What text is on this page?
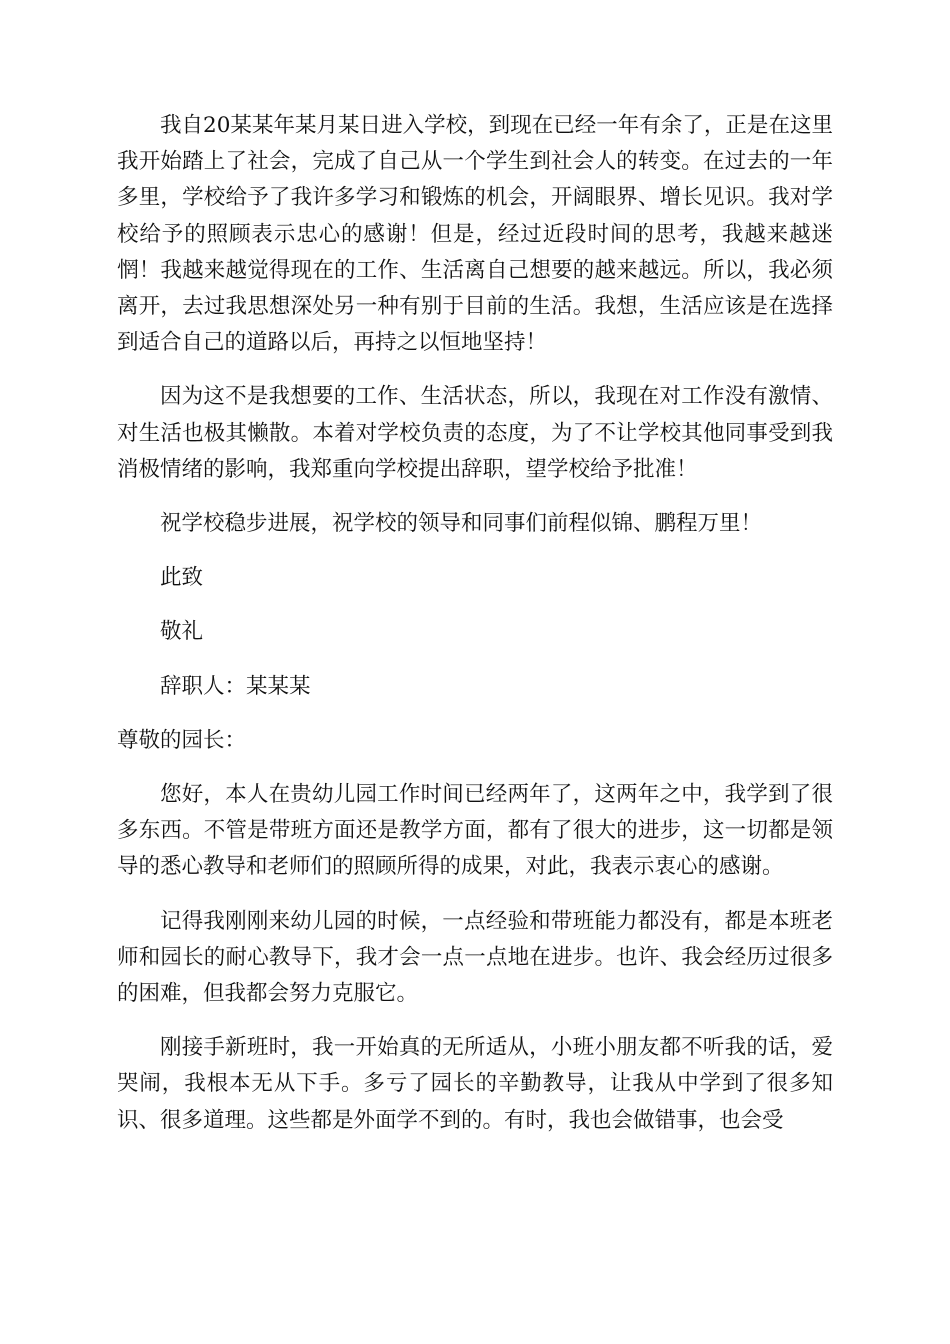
我自20某某年某月某日进入学校，到现在已经一年有余了，正是在这里我开始踏上了社会，完成了自己从一个学生到社会人的转变。在过去的一年多里，学校给予了我许多学习和锻炼的机会，开阔眼界、增长见识。我对学校给予的照顾表示忠心的感谢！但是，经过近段时间的思考，我越来越迷惘！我越来越觉得现在的工作、生活离自己想要的越来越远。所以，我必须离开，去过我思想深处另一种有别于目前的生活。我想，生活应该是在选择到适合自己的道路以后，再持之以恒地坚持！

因为这不是我想要的工作、生活状态，所以，我现在对工作没有激情、对生活也极其懒散。本着对学校负责的态度，为了不让学校其他同事受到我消极情绪的影响，我郑重向学校提出辞职，望学校给予批准！

祝学校稳步进展，祝学校的领导和同事们前程似锦、鹏程万里！

此致

敬礼

辞职人：某某某

尊敬的园长：

您好，本人在贵幼儿园工作时间已经两年了，这两年之中，我学到了很多东西。不管是带班方面还是教学方面，都有了很大的进步，这一切都是领导的悉心教导和老师们的照顾所得的成果，对此，我表示衷心的感谢。

记得我刚刚来幼儿园的时候，一点经验和带班能力都没有，都是本班老师和园长的耐心教导下，我才会一点一点地在进步。也许、我会经历过很多的困难，但我都会努力克服它。

刚接手新班时，我一开始真的无所适从，小班小朋友都不听我的话，爱哭闹，我根本无从下手。多亏了园长的辛勤教导，让我从中学到了很多知识、很多道理。这些都是外面学不到的。有时，我也会做错事，也会受
